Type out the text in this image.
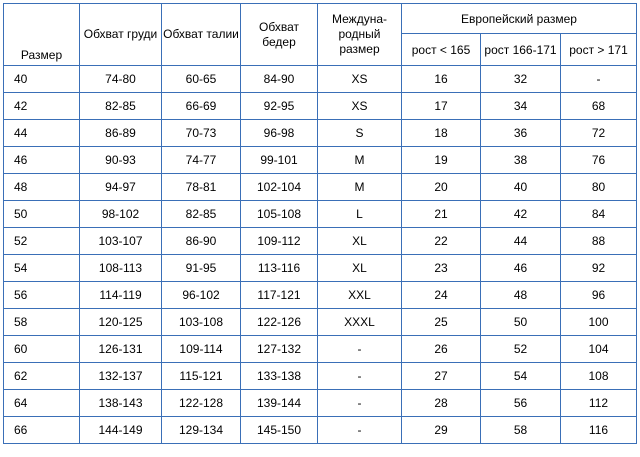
Размер	Обхват груди	Обхват талии	Обхват бедер	Междуна-родный размер	Европейский размер		
					рост < 165	рост 166-171	рост > 171
40	74-80	60-65	84-90	XS	16	32	-
42	82-85	66-69	92-95	XS	17	34	68
44	86-89	70-73	96-98	S	18	36	72
46	90-93	74-77	99-101	M	19	38	76
48	94-97	78-81	102-104	M	20	40	80
50	98-102	82-85	105-108	L	21	42	84
52	103-107	86-90	109-112	XL	22	44	88
54	108-113	91-95	113-116	XL	23	46	92
56	114-119	96-102	117-121	XXL	24	48	96
58	120-125	103-108	122-126	XXXL	25	50	100
60	126-131	109-114	127-132	-	26	52	104
62	132-137	115-121	133-138	-	27	54	108
64	138-143	122-128	139-144	-	28	56	112
66	144-149	129-134	145-150	-	29	58	116
